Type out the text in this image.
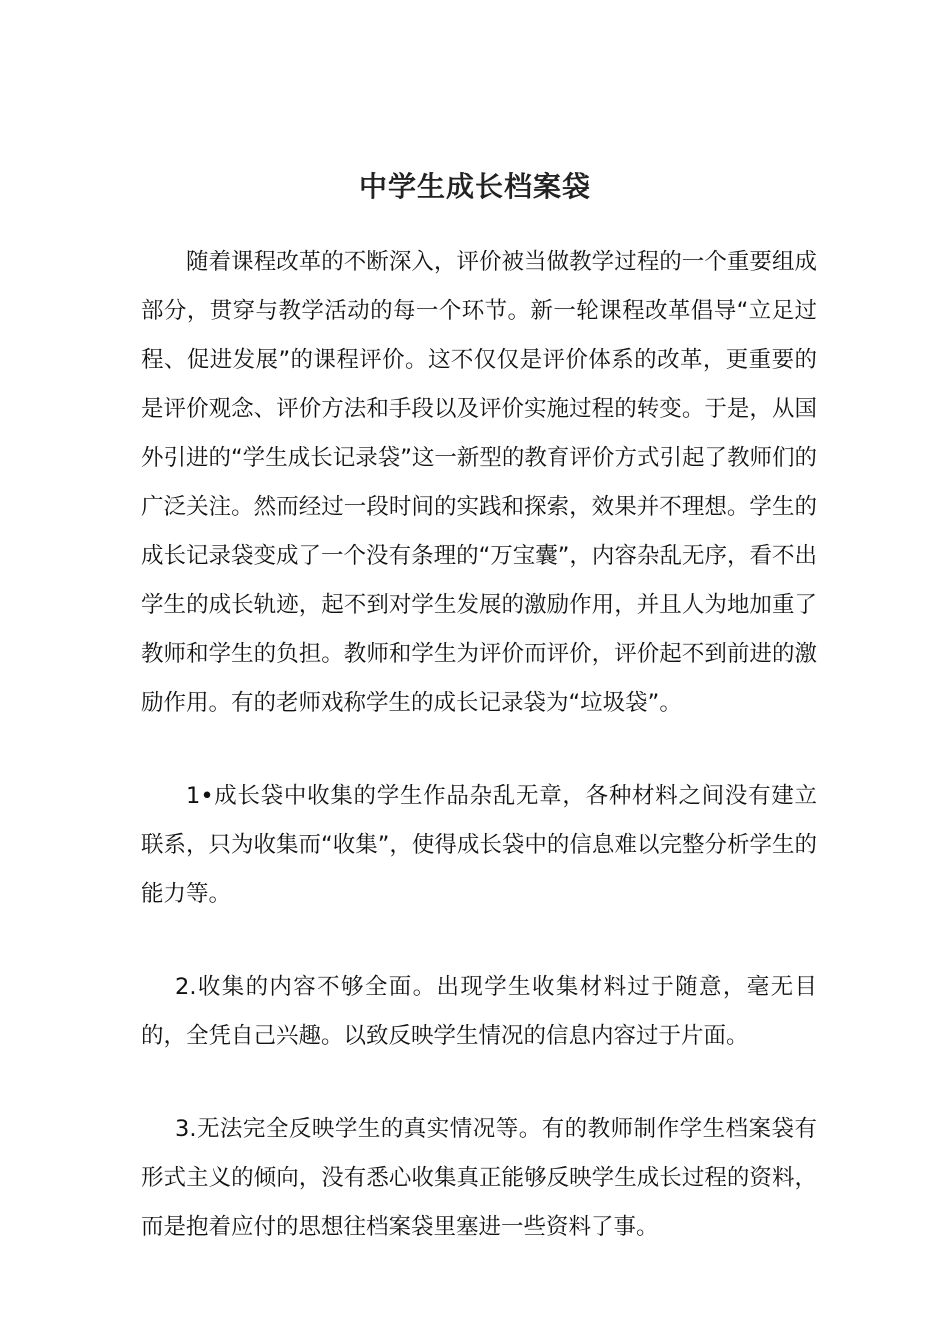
中学生成长档案袋

随着课程改革的不断深入，评价被当做教学过程的一个重要组成部分，贯穿与教学活动的每一个环节。新一轮课程改革倡导“立足过程、促进发展”的课程评价。这不仅仅是评价体系的改革，更重要的是评价观念、评价方法和手段以及评价实施过程的转变。于是，从国外引进的“学生成长记录袋”这一新型的教育评价方式引起了教师们的广泛关注。然而经过一段时间的实践和探索，效果并不理想。学生的成长记录袋变成了一个没有条理的“万宝囊”，内容杂乱无序，看不出学生的成长轨迹，起不到对学生发展的激励作用，并且人为地加重了教师和学生的负担。教师和学生为评价而评价，评价起不到前进的激励作用。有的老师戏称学生的成长记录袋为“垃圾袋”。

1•成长袋中收集的学生作品杂乱无章，各种材料之间没有建立联系，只为收集而“收集”，使得成长袋中的信息难以完整分析学生的能力等。

2.收集的内容不够全面。出现学生收集材料过于随意，毫无目的，全凭自己兴趣。以致反映学生情况的信息内容过于片面。

3.无法完全反映学生的真实情况等。有的教师制作学生档案袋有形式主义的倾向，没有悉心收集真正能够反映学生成长过程的资料，而是抱着应付的思想往档案袋里塞进一些资料了事。
